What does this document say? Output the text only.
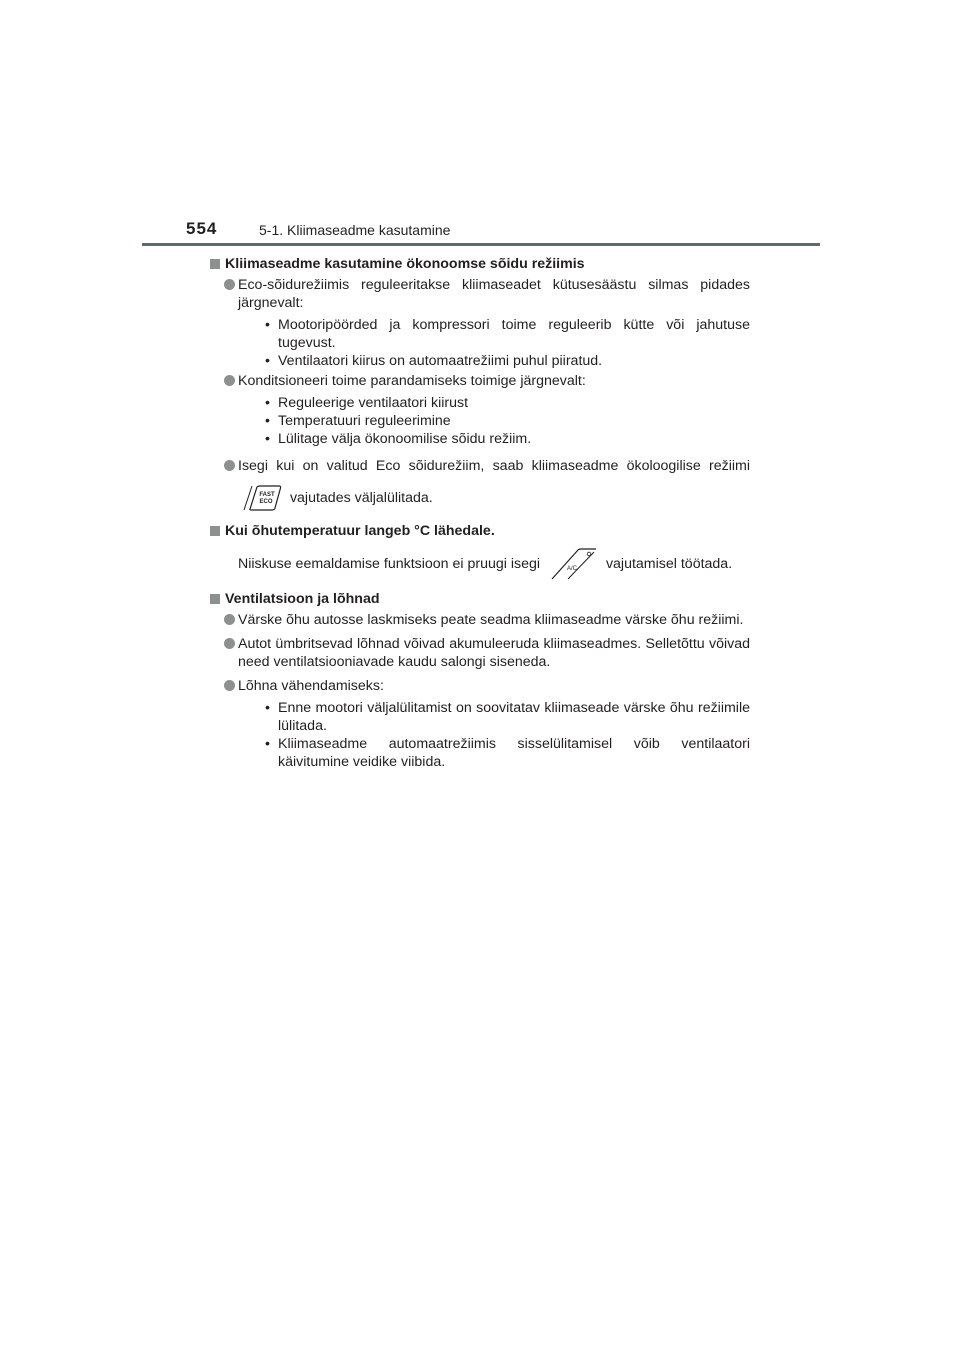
554	5-1. Kliimaseadme kasutamine
Kliimaseadme kasutamine ökonoomse sõidu režiimis
Eco-sõidurežiimis reguleeritakse kliimaseadet kütusesäästu silmas pidades järgnevalt:
• Mootoripöörded ja kompressori toime reguleerib kütte või jahutuse tugevust.
• Ventilaatori kiirus on automaatrežiimi puhul piiratud.
Konditsioneeri toime parandamiseks toimige järgnevalt:
• Reguleerige ventilaatori kiirust
• Temperatuuri reguleerimine
• Lülitage välja ökonoomilise sõidu režiim.
Isegi kui on valitud Eco sõidurežiim, saab kliimaseadme ökoloogilise režiimi
FAST
ECO vajutades väljalülitada.
Kui õhutemperatuur langeb °C lähedale.
Niiskuse eemaldamise funktsioon ei pruugi isegi	A/C vajutamisel töötada.
Ventilatsioon ja lõhnad
Värske õhu autosse laskmiseks peate seadma kliimaseadme värske õhu režiimi.
Autot ümbritsevad lõhnad võivad akumuleeruda kliimaseadmes. Selletõttu võivad need ventilatsiooniavade kaudu salongi siseneda.
Lõhna vähendamiseks:
• Enne mootori väljalülitamist on soovitatav kliimaseade värske õhu režiimile lülitada.
• Kliimaseadme automaatrežiimis sisselülitamisel võib ventilaatori käivitumine veidike viibida.
